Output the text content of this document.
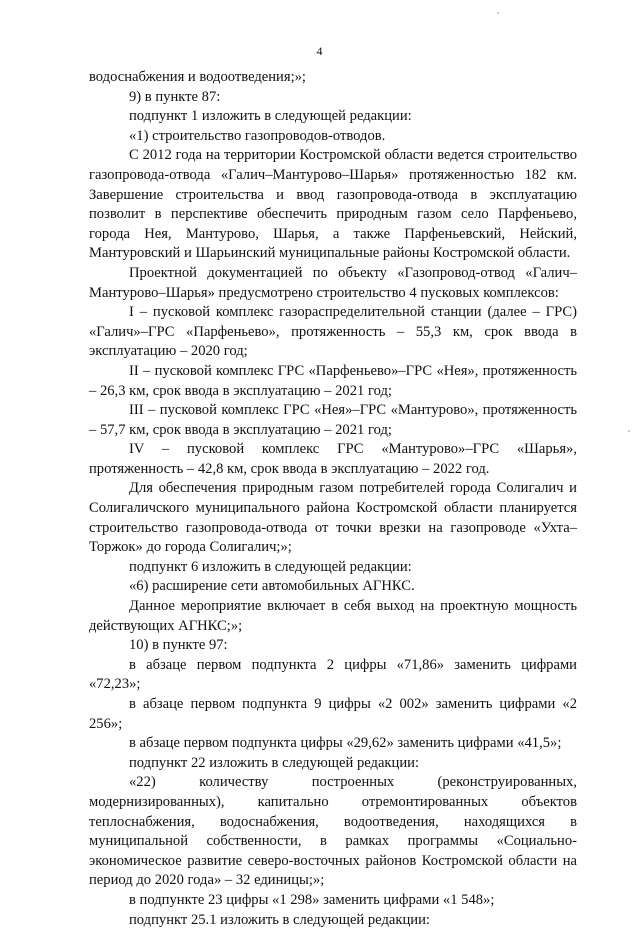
4

водоснабжения и водоотведения;»;

9) в пункте 87:

подпункт 1 изложить в следующей редакции:

«1) строительство газопроводов-отводов.

С 2012 года на территории Костромской области ведется строительство газопровода-отвода «Галич–Мантурово–Шарья» протяженностью 182 км. Завершение строительства и ввод газопровода-отвода в эксплуатацию позволит в перспективе обеспечить природным газом село Парфеньево, города Нея, Мантурово, Шарья, а также Парфеньевский, Нейский, Мантуровский и Шарьинский муниципальные районы Костромской области.

Проектной документацией по объекту «Газопровод-отвод «Галич–Мантурово–Шарья» предусмотрено строительство 4 пусковых комплексов:

I – пусковой комплекс газораспределительной станции (далее – ГРС) «Галич»–ГРС «Парфеньево», протяженность – 55,3 км, срок ввода в эксплуатацию – 2020 год;

II – пусковой комплекс ГРС «Парфеньево»–ГРС «Нея», протяженность – 26,3 км, срок ввода в эксплуатацию – 2021 год;

III – пусковой комплекс ГРС «Нея»–ГРС «Мантурово», протяженность – 57,7 км, срок ввода в эксплуатацию – 2021 год;

IV – пусковой комплекс ГРС «Мантурово»–ГРС «Шарья», протяженность – 42,8 км, срок ввода в эксплуатацию – 2022 год.

Для обеспечения природным газом потребителей города Солигалич и Солигаличского муниципального района Костромской области планируется строительство газопровода-отвода от точки врезки на газопроводе «Ухта–Торжок» до города Солигалич;»;

подпункт 6 изложить в следующей редакции:

«6) расширение сети автомобильных АГНКС.

Данное мероприятие включает в себя выход на проектную мощность действующих АГНКС;»;

10) в пункте 97:

в абзаце первом подпункта 2 цифры «71,86» заменить цифрами «72,23»;

в абзаце первом подпункта 9 цифры «2 002» заменить цифрами «2 256»;

в абзаце первом подпункта цифры «29,62» заменить цифрами «41,5»;

подпункт 22 изложить в следующей редакции:

«22) количеству построенных (реконструированных, модернизированных), капитально отремонтированных объектов теплоснабжения, водоснабжения, водоотведения, находящихся в муниципальной собственности, в рамках программы «Социально-экономическое развитие северо-восточных районов Костромской области на период до 2020 года» – 32 единицы;»;

в подпункте 23 цифры «1 298» заменить цифрами «1 548»;

подпункт 25.1 изложить в следующей редакции:
